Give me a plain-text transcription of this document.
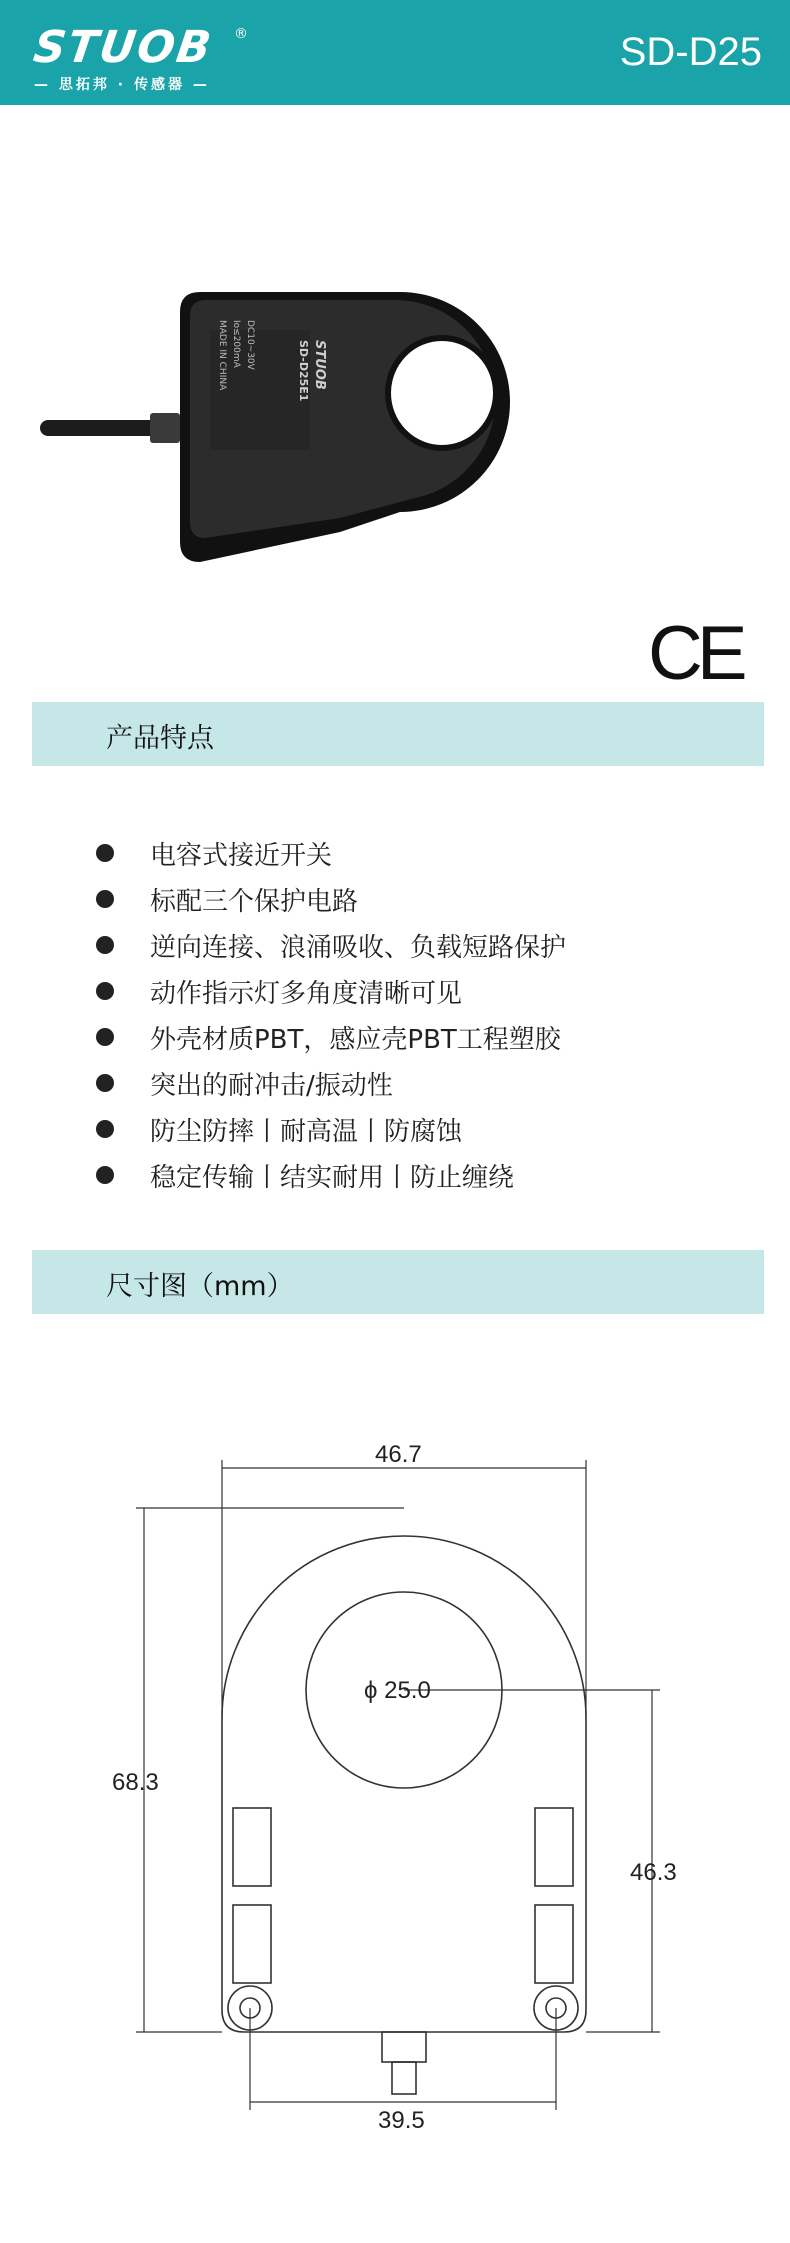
STUOB ®
— 思拓邦 · 传感器 —
SD-D25
STUOB
SD-D25E1
DC10~30V
Io≤200mA
MADE IN CHINA
CE
产品特点
电容式接近开关
标配三个保护电路
逆向连接、浪涌吸收、负载短路保护
动作指示灯多角度清晰可见
外壳材质PBT，感应壳PBT工程塑胶
突出的耐冲击/振动性
防尘防摔丨耐高温丨防腐蚀
稳定传输丨结实耐用丨防止缠绕
尺寸图（mm）
46.7
68.3
ϕ 25.0
46.3
39.5
